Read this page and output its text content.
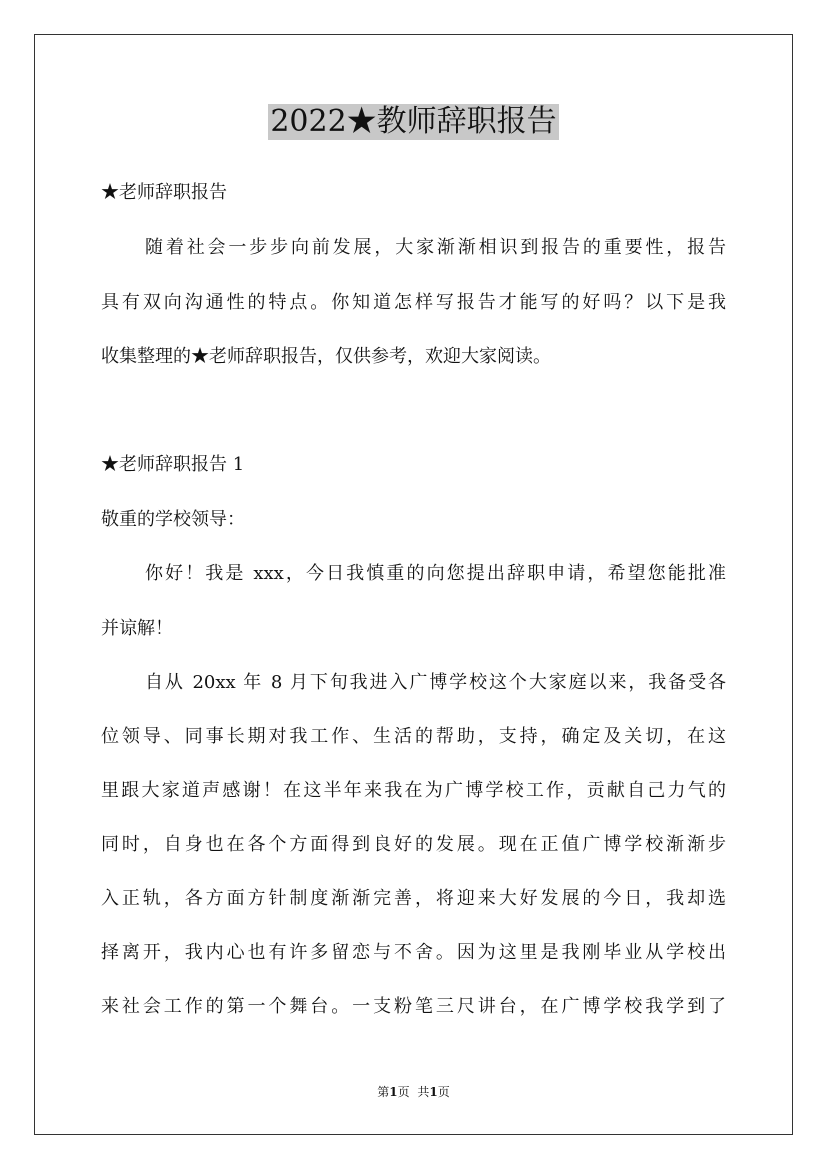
2022★教师辞职报告
★老师辞职报告
随着社会一步步向前发展，大家渐渐相识到报告的重要性，报告
具有双向沟通性的特点。你知道怎样写报告才能写的好吗？以下是我
收集整理的★老师辞职报告，仅供参考，欢迎大家阅读。
★老师辞职报告 1
敬重的学校领导：
你好！我是 xxx，今日我慎重的向您提出辞职申请，希望您能批准
并谅解！
自从 20xx 年 8 月下旬我进入广博学校这个大家庭以来，我备受各
位领导、同事长期对我工作、生活的帮助，支持，确定及关切，在这
里跟大家道声感谢！在这半年来我在为广博学校工作，贡献自己力气的
同时，自身也在各个方面得到良好的发展。现在正值广博学校渐渐步
入正轨，各方面方针制度渐渐完善，将迎来大好发展的今日，我却选
择离开，我内心也有许多留恋与不舍。因为这里是我刚毕业从学校出
来社会工作的第一个舞台。一支粉笔三尺讲台，在广博学校我学到了
第1页 共1页
